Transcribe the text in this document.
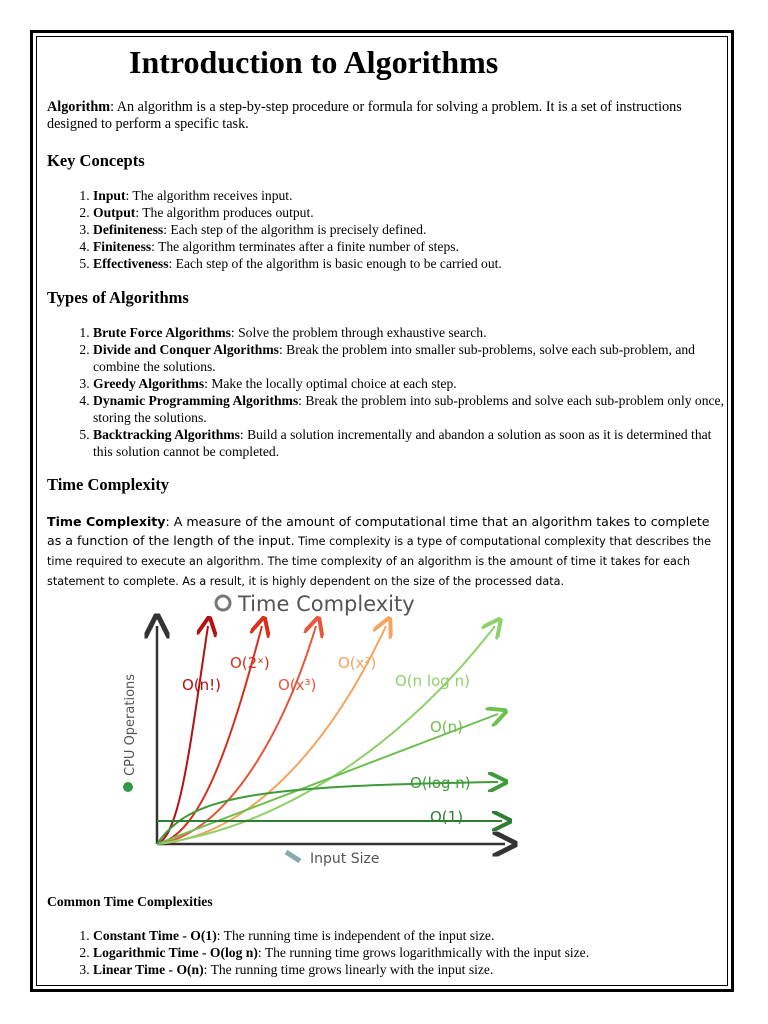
Introduction to Algorithms

Algorithm: An algorithm is a step-by-step procedure or formula for solving a problem. It is a set of instructions designed to perform a specific task.

Key Concepts
1. Input: The algorithm receives input.
2. Output: The algorithm produces output.
3. Definiteness: Each step of the algorithm is precisely defined.
4. Finiteness: The algorithm terminates after a finite number of steps.
5. Effectiveness: Each step of the algorithm is basic enough to be carried out.
Types of Algorithms
1. Brute Force Algorithms: Solve the problem through exhaustive search.
2. Divide and Conquer Algorithms: Break the problem into smaller sub-problems, solve each sub-problem, and combine the solutions.
3. Greedy Algorithms: Make the locally optimal choice at each step.
4. Dynamic Programming Algorithms: Break the problem into sub-problems and solve each sub-problem only once, storing the solutions.
5. Backtracking Algorithms: Build a solution incrementally and abandon a solution as soon as it is determined that this solution cannot be completed.
Time Complexity

Time Complexity: A measure of the amount of computational time that an algorithm takes to complete as a function of the length of the input. Time complexity is a type of computational complexity that describes the time required to execute an algorithm. The time complexity of an algorithm is the amount of time it takes for each statement to complete. As a result, it is highly dependent on the size of the processed data.

Time Complexity
CPU Operations
Input Size
O(n!)
O(2ˣ)
O(x³)
O(x²)
O(n log n)
O(n)
O(log n)
O(1)
Common Time Complexities
1. Constant Time - O(1): The running time is independent of the input size.
2. Logarithmic Time - O(log n): The running time grows logarithmically with the input size.
3. Linear Time - O(n): The running time grows linearly with the input size.
